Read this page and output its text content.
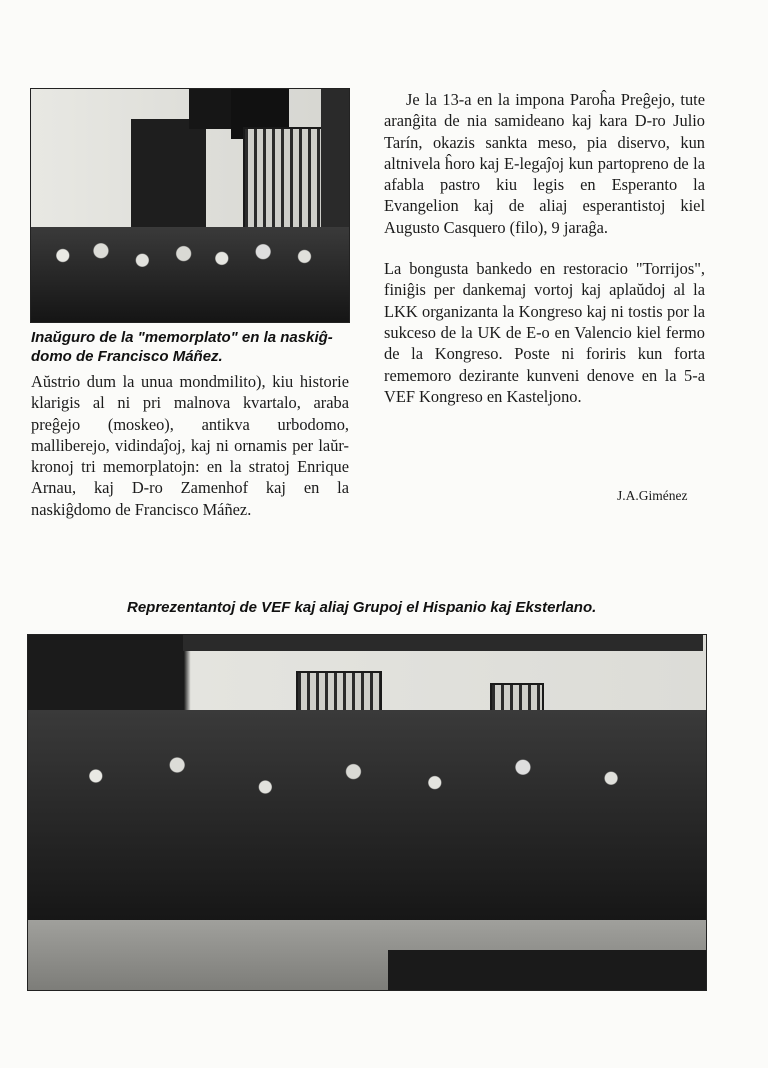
Inaŭguro de la "memorplato" en la naskiĝ-
domo de Francisco Máñez.

Aŭstrio dum la unua mondmilito), kiu historie klarigis al ni pri malnova kvartalo, araba preĝejo (moskeo), antikva urbodomo, malliberejo, vidindaĵoj, kaj ni ornamis per laŭr-kronoj tri memorplatojn: en la stratoj Enrique Arnau, kaj D-ro Zamenhof kaj en la naskiĝdomo de Francisco Máñez.

Je la 13-a en la impona Paroĥa Preĝejo, tute aranĝita de nia samideano kaj kara D-ro Julio Tarín, okazis sankta meso, pia diservo, kun altnivela ĥoro kaj E-legaĵoj kun partopreno de la afabla pastro kiu legis en Esperanto la Evangelion kaj de aliaj esperantistoj kiel Augusto Casquero (filo), 9 jaraĝa.

La bongusta bankedo en restoracio "Torrijos", finiĝis per dankemaj vortoj kaj aplaŭdoj al la LKK organizanta la Kongreso kaj ni tostis por la sukceso de la UK de E-o en Valencio kiel fermo de la Kongreso. Poste ni foriris kun forta rememoro dezirante kunveni denove en la 5-a VEF Kongreso en Kasteljono.

J.A.Giménez
Reprezentantoj de VEF kaj aliaj Grupoj el Hispanio kaj Eksterlano.
